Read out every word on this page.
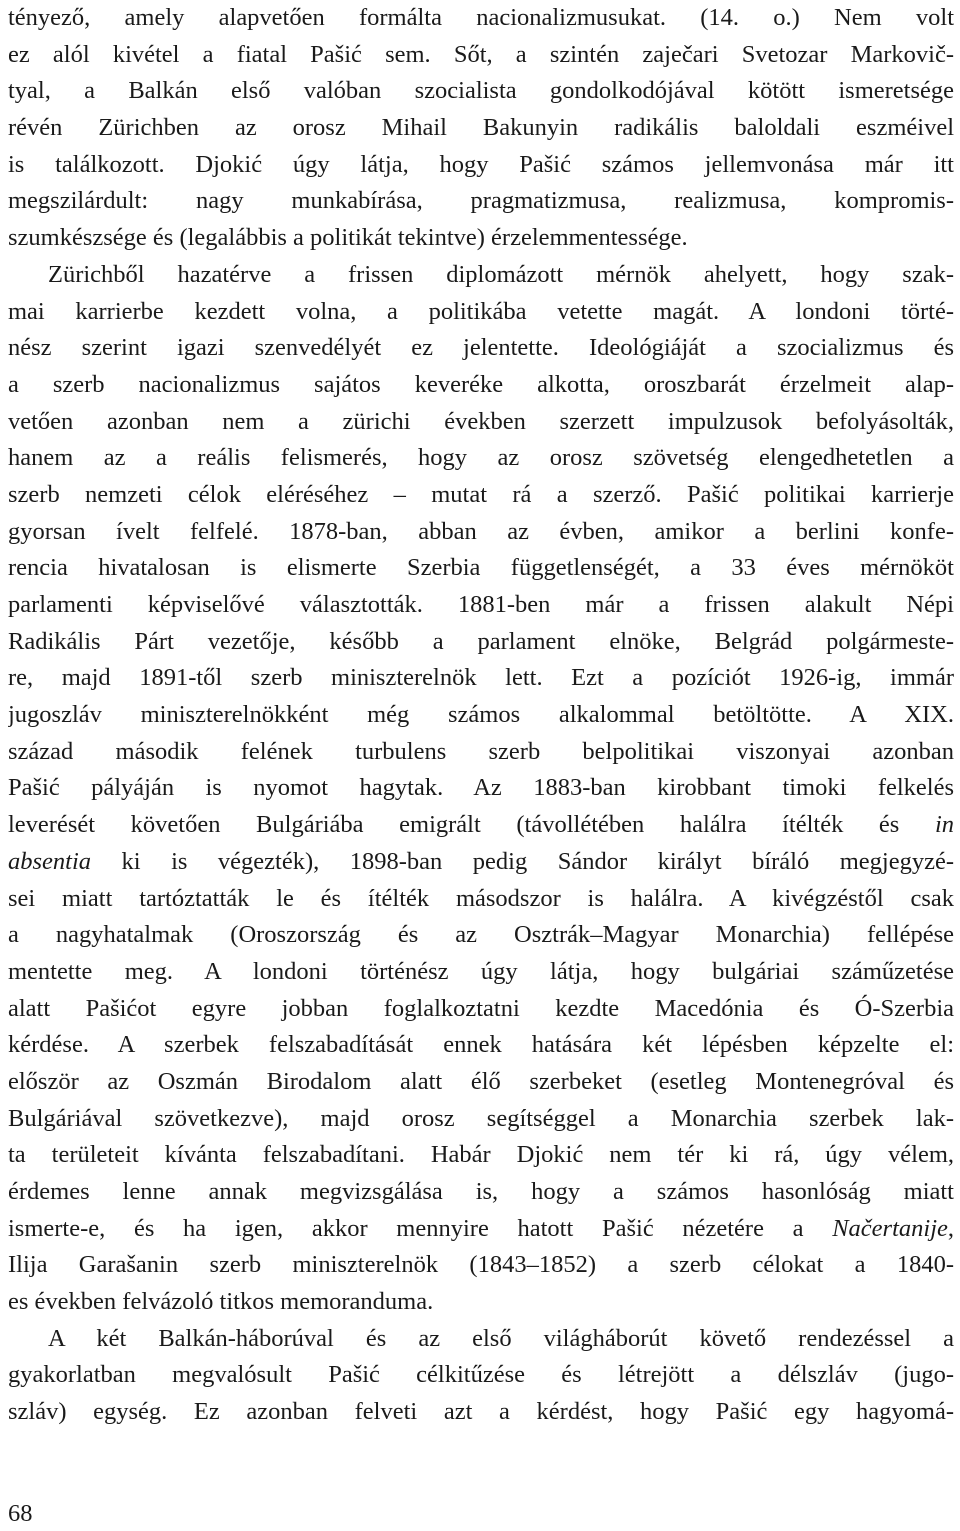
tényező, amely alapvetően formálta nacionalizmusukat. (14. o.) Nem volt
ez alól kivétel a fiatal Pašić sem. Sőt, a szintén zaječari Svetozar Markovič-
tyal, a Balkán első valóban szocialista gondolkodójával kötött ismeretsége
révén Zürichben az orosz Mihail Bakunyin radikális baloldali eszméivel
is találkozott. Djokić úgy látja, hogy Pašić számos jellemvonása már itt
megszilárdult: nagy munkabírása, pragmatizmusa, realizmusa, kompromis-
szumkészsége és (legalábbis a politikát tekintve) érzelemmentessége.
Zürichből hazatérve a frissen diplomázott mérnök ahelyett, hogy szak-
mai karrierbe kezdett volna, a politikába vetette magát. A londoni törté-
nész szerint igazi szenvedélyét ez jelentette. Ideológiáját a szocializmus és
a szerb nacionalizmus sajátos keveréke alkotta, oroszbarát érzelmeit alap-
vetően azonban nem a zürichi években szerzett impulzusok befolyásolták,
hanem az a reális felismerés, hogy az orosz szövetség elengedhetetlen a
szerb nemzeti célok eléréséhez – mutat rá a szerző. Pašić politikai karrierje
gyorsan ívelt felfelé. 1878-ban, abban az évben, amikor a berlini konfe-
rencia hivatalosan is elismerte Szerbia függetlenségét, a 33 éves mérnököt
parlamenti képviselővé választották. 1881-ben már a frissen alakult Népi
Radikális Párt vezetője, később a parlament elnöke, Belgrád polgármeste-
re, majd 1891-től szerb miniszterelnök lett. Ezt a pozíciót 1926-ig, immár
jugoszláv miniszterelnökként még számos alkalommal betöltötte. A XIX.
század második felének turbulens szerb belpolitikai viszonyai azonban
Pašić pályáján is nyomot hagytak. Az 1883-ban kirobbant timoki felkelés
leverését követően Bulgáriába emigrált (távollétében halálra ítélték és in
absentia ki is végezték), 1898-ban pedig Sándor királyt bíráló megjegyzé-
sei miatt tartóztatták le és ítélték másodszor is halálra. A kivégzéstől csak
a nagyhatalmak (Oroszország és az Osztrák–Magyar Monarchia) fellépése
mentette meg. A londoni történész úgy látja, hogy bulgáriai száműzetése
alatt Pašićot egyre jobban foglalkoztatni kezdte Macedónia és Ó-Szerbia
kérdése. A szerbek felszabadítását ennek hatására két lépésben képzelte el:
először az Oszmán Birodalom alatt élő szerbeket (esetleg Montenegróval és
Bulgáriával szövetkezve), majd orosz segítséggel a Monarchia szerbek lak-
ta területeit kívánta felszabadítani. Habár Djokić nem tér ki rá, úgy vélem,
érdemes lenne annak megvizsgálása is, hogy a számos hasonlóság miatt
ismerte-e, és ha igen, akkor mennyire hatott Pašić nézetére a Načertanije,
Ilija Garašanin szerb miniszterelnök (1843–1852) a szerb célokat a 1840-
es években felvázoló titkos memoranduma.
A két Balkán-háborúval és az első világháborút követő rendezéssel a
gyakorlatban megvalósult Pašić célkitűzése és létrejött a délszláv (jugo-
szláv) egység. Ez azonban felveti azt a kérdést, hogy Pašić egy hagyomá-
68
